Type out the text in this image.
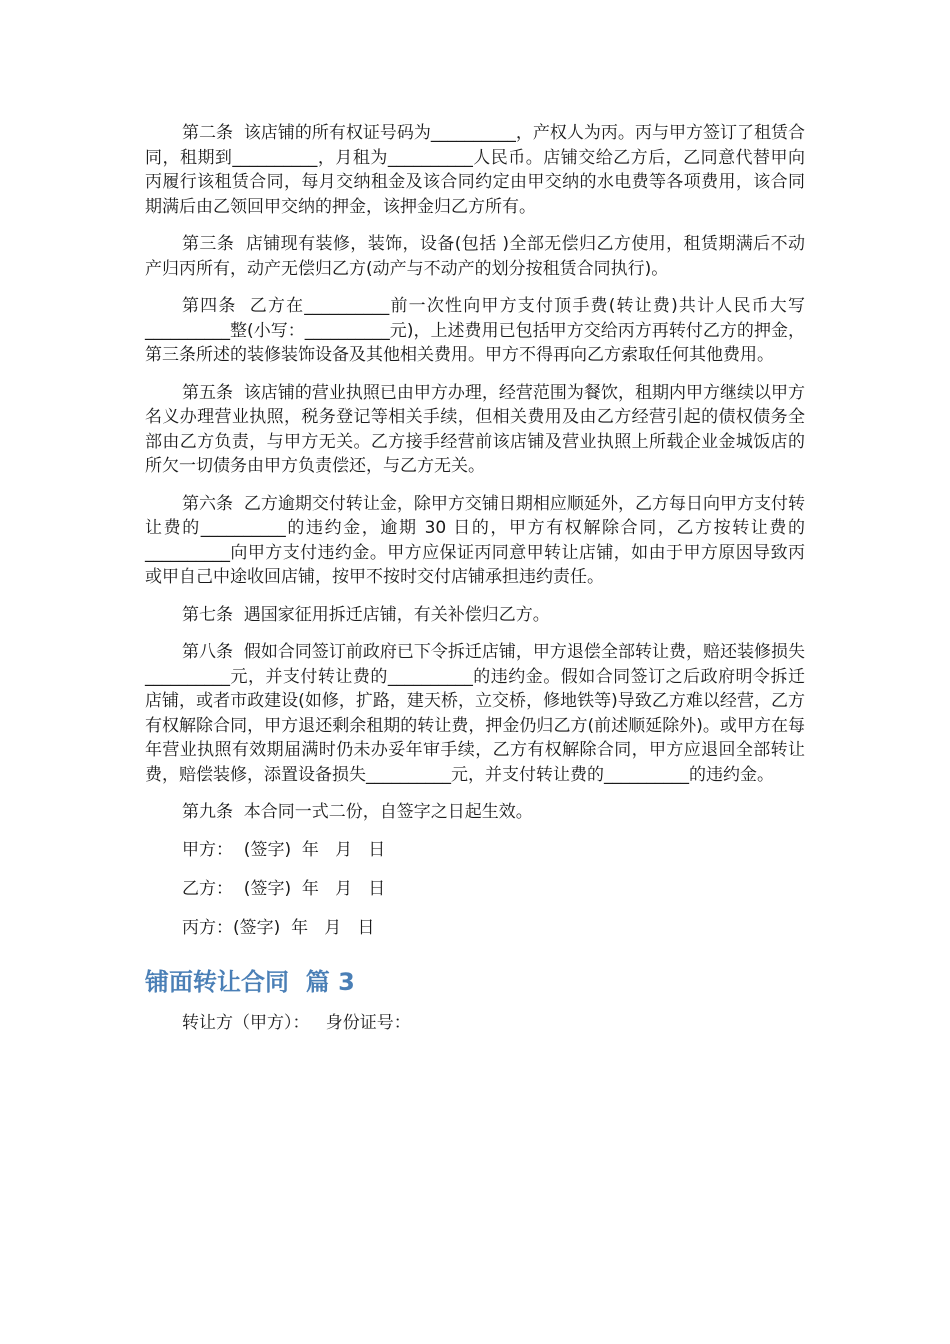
第二条  该店铺的所有权证号码为__________，产权人为丙。丙与甲方签订了租赁合同，租期到__________，月租为__________人民币。店铺交给乙方后，乙同意代替甲向丙履行该租赁合同，每月交纳租金及该合同约定由甲交纳的水电费等各项费用，该合同期满后由乙领回甲交纳的押金，该押金归乙方所有。

第三条  店铺现有装修，装饰，设备(包括 )全部无偿归乙方使用，租赁期满后不动产归丙所有，动产无偿归乙方(动产与不动产的划分按租赁合同执行)。

第四条  乙方在__________前一次性向甲方支付顶手费(转让费)共计人民币大写__________整(小写：__________元)，上述费用已包括甲方交给丙方再转付乙方的押金，第三条所述的装修装饰设备及其他相关费用。甲方不得再向乙方索取任何其他费用。

第五条  该店铺的营业执照已由甲方办理，经营范围为餐饮，租期内甲方继续以甲方名义办理营业执照，税务登记等相关手续，但相关费用及由乙方经营引起的债权债务全部由乙方负责，与甲方无关。乙方接手经营前该店铺及营业执照上所载企业金城饭店的所欠一切债务由甲方负责偿还，与乙方无关。

第六条  乙方逾期交付转让金，除甲方交铺日期相应顺延外，乙方每日向甲方支付转让费的__________的违约金，逾期 30 日的，甲方有权解除合同，乙方按转让费的__________向甲方支付违约金。甲方应保证丙同意甲转让店铺，如由于甲方原因导致丙或甲自己中途收回店铺，按甲不按时交付店铺承担违约责任。

第七条  遇国家征用拆迁店铺，有关补偿归乙方。

第八条  假如合同签订前政府已下令拆迁店铺，甲方退偿全部转让费，赔还装修损失__________元，并支付转让费的__________的违约金。假如合同签订之后政府明令拆迁店铺，或者市政建设(如修，扩路，建天桥，立交桥，修地铁等)导致乙方难以经营，乙方有权解除合同，甲方退还剩余租期的转让费，押金仍归乙方(前述顺延除外)。或甲方在每年营业执照有效期届满时仍未办妥年审手续，乙方有权解除合同，甲方应退回全部转让费，赔偿装修，添置设备损失__________元，并支付转让费的__________的违约金。

第九条  本合同一式二份，自签字之日起生效。

甲方：  (签字)  年   月   日

乙方：  (签字)  年   月   日

丙方：(签字)  年   月   日

铺面转让合同  篇 3

转让方（甲方）：   身份证号：
